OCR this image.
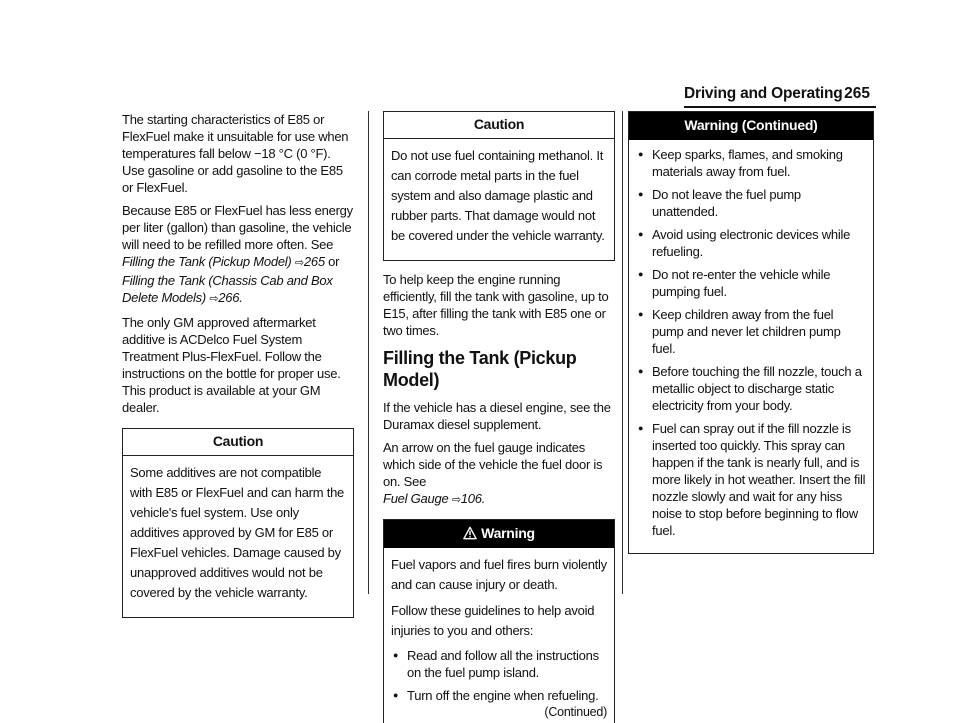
Driving and Operating 265

The starting characteristics of E85 or FlexFuel make it unsuitable for use when temperatures fall below −18 °C (0 °F). Use gasoline or add gasoline to the E85 or FlexFuel.

Because E85 or FlexFuel has less energy per liter (gallon) than gasoline, the vehicle will need to be refilled more often. See Filling the Tank (Pickup Model) ⇨265 or
Filling the Tank (Chassis Cab and Box Delete Models) ⇨266.

The only GM approved aftermarket additive is ACDelco Fuel System Treatment Plus-FlexFuel. Follow the instructions on the bottle for proper use. This product is available at your GM dealer.

Caution

Some additives are not compatible with E85 or FlexFuel and can harm the vehicle's fuel system. Use only additives approved by GM for E85 or FlexFuel vehicles. Damage caused by unapproved additives would not be covered by the vehicle warranty.

Caution

Do not use fuel containing methanol. It can corrode metal parts in the fuel system and also damage plastic and rubber parts. That damage would not be covered under the vehicle warranty.

To help keep the engine running efficiently, fill the tank with gasoline, up to E15, after filling the tank with E85 one or two times.

Filling the Tank (Pickup Model)

If the vehicle has a diesel engine, see the Duramax diesel supplement.

An arrow on the fuel gauge indicates which side of the vehicle the fuel door is on. See
Fuel Gauge ⇨106.

Warning

Fuel vapors and fuel fires burn violently and can cause injury or death.

Follow these guidelines to help avoid injuries to you and others:

● Read and follow all the instructions on the fuel pump island.
● Turn off the engine when refueling.
(Continued)
Warning (Continued)
● Keep sparks, flames, and smoking materials away from fuel.
● Do not leave the fuel pump unattended.
● Avoid using electronic devices while refueling.
● Do not re-enter the vehicle while pumping fuel.
● Keep children away from the fuel pump and never let children pump fuel.
● Before touching the fill nozzle, touch a metallic object to discharge static electricity from your body.
● Fuel can spray out if the fill nozzle is inserted too quickly. This spray can happen if the tank is nearly full, and is more likely in hot weather. Insert the fill nozzle slowly and wait for any hiss noise to stop before beginning to flow fuel.
